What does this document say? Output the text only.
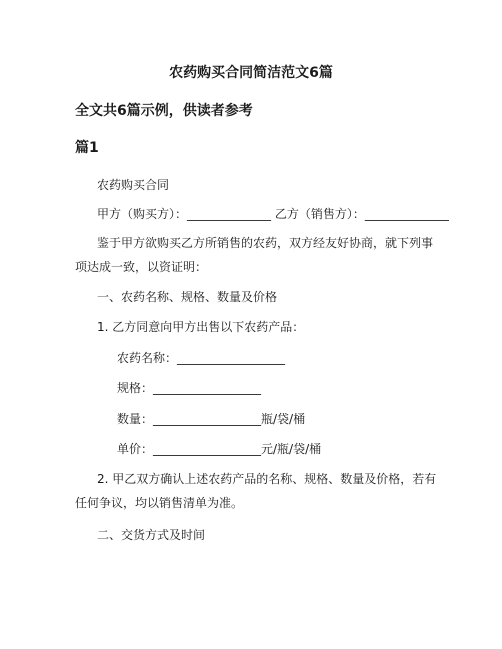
农药购买合同简洁范文6篇
全文共6篇示例，供读者参考
篇1
农药购买合同
甲方（购买方）：______________ 乙方（销售方）：______________
鉴于甲方欲购买乙方所销售的农药，双方经友好协商，就下列事
项达成一致，以资证明：
一、农药名称、规格、数量及价格
1. 乙方同意向甲方出售以下农药产品：
农药名称：__________________
规格：__________________
数量：__________________瓶/袋/桶
单价：__________________元/瓶/袋/桶
2. 甲乙双方确认上述农药产品的名称、规格、数量及价格，若有
任何争议，均以销售清单为准。
二、交货方式及时间
